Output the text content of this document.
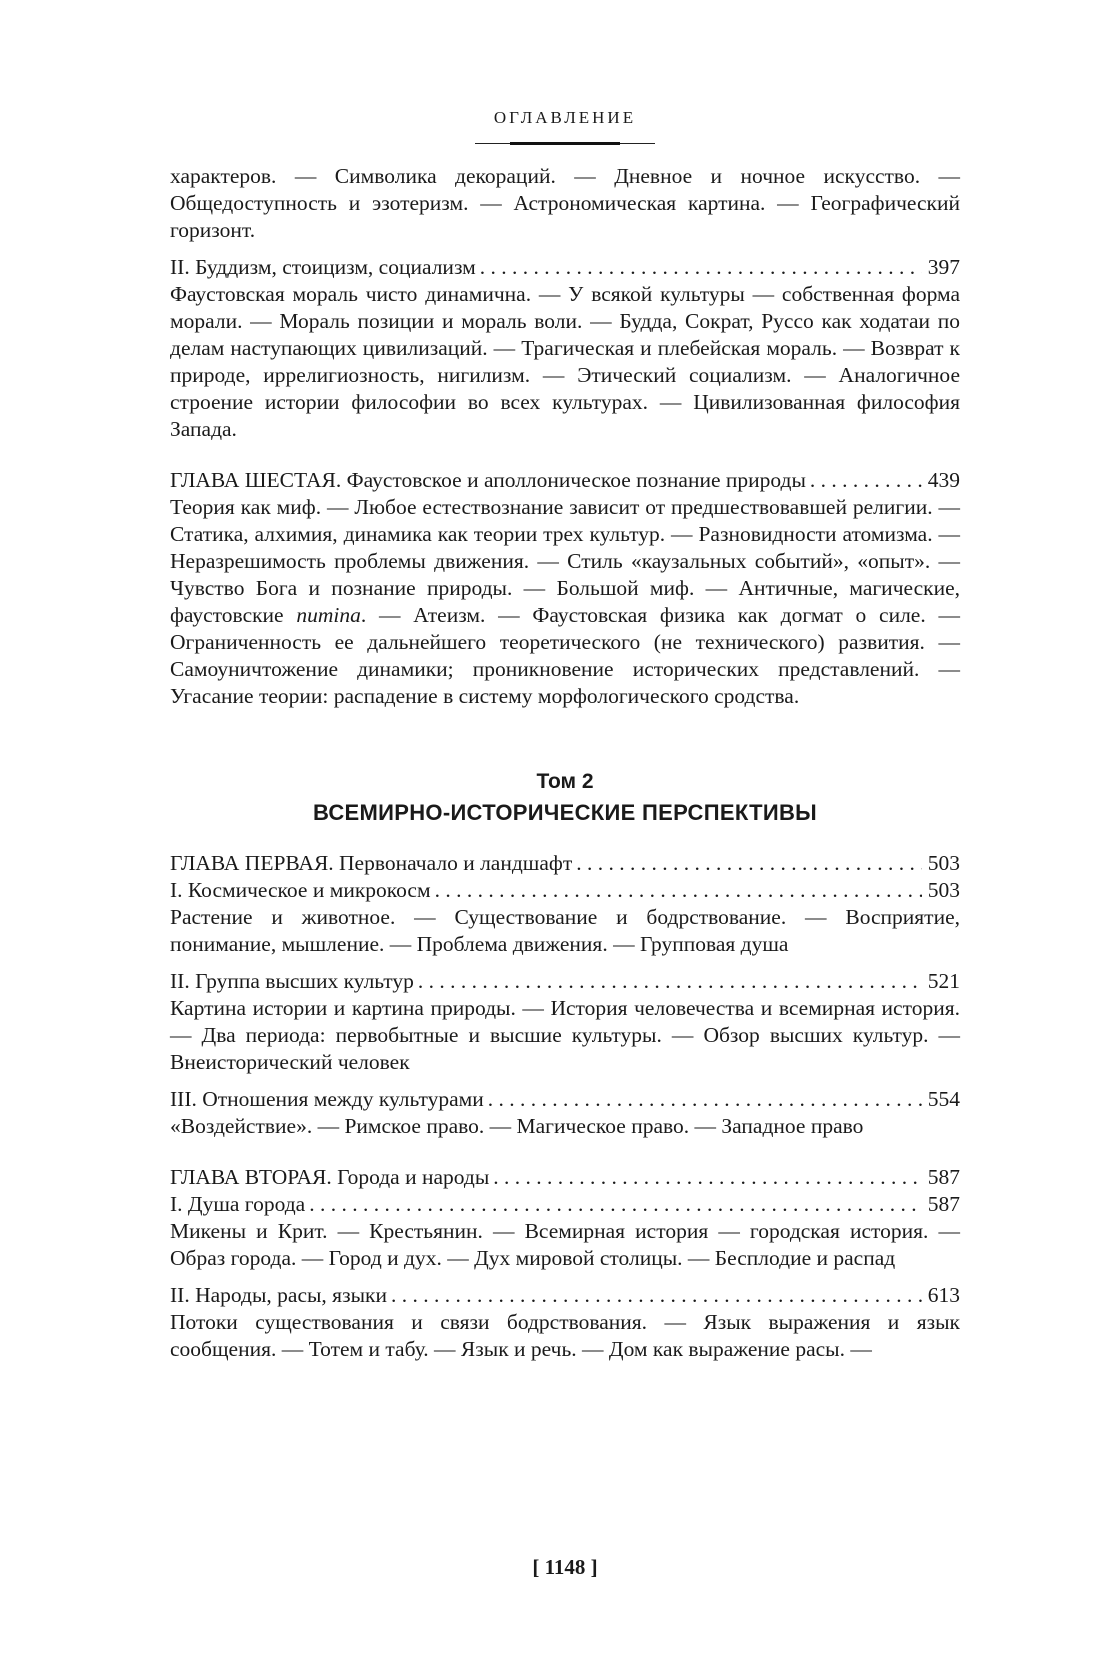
ОГЛАВЛЕНИЕ

характеров. — Символика декораций. — Дневное и ночное искусство. — Общедоступность и эзотеризм. — Астрономическая картина. — Географический горизонт.

II. Буддизм, стоицизм, социализм . . .	397

Фаустовская мораль чисто динамична. — У всякой культуры — собственная форма морали. — Мораль позиции и мораль воли. — Будда, Сократ, Руссо как ходатаи по делам наступающих цивилизаций. — Трагическая и плебейская мораль. — Возврат к природе, иррелигиозность, нигилизм. — Этический социализм. — Аналогичное строение истории философии во всех культурах. — Цивилизованная философия Запада.

ГЛАВА ШЕСТАЯ. Фаустовское и аполлоническое познание природы . . .	439

Теория как миф. — Любое естествознание зависит от предшествовавшей религии. — Статика, алхимия, динамика как теории трех культур. — Разновидности атомизма. — Неразрешимость проблемы движения. — Стиль «каузальных событий», «опыт». — Чувство Бога и познание природы. — Большой миф. — Античные, магические, фаустовские numina. — Атеизм. — Фаустовская физика как догмат о силе. — Ограниченность ее дальнейшего теоретического (не технического) развития. — Самоуничтожение динамики; проникновение исторических представлений. — Угасание теории: распадение в систему морфологического сродства.

Том 2

ВСЕМИРНО-ИСТОРИЧЕСКИЕ ПЕРСПЕКТИВЫ

ГЛАВА ПЕРВАЯ. Первоначало и ландшафт . . .	503
I. Космическое и микрокосм . . .	503

Растение и животное. — Существование и бодрствование. — Восприятие, понимание, мышление. — Проблема движения. — Групповая душа

II. Группа высших культур . . .	521

Картина истории и картина природы. — История человечества и всемирная история. — Два периода: первобытные и высшие культуры. — Обзор высших культур. — Внеисторический человек

III. Отношения между культурами . . .	554

«Воздействие». — Римское право. — Магическое право. — Западное право

ГЛАВА ВТОРАЯ. Города и народы . . .	587
I. Душа города . . .	587

Микены и Крит. — Крестьянин. — Всемирная история — городская история. — Образ города. — Город и дух. — Дух мировой столицы. — Бесплодие и распад

II. Народы, расы, языки . . .	613

Потоки существования и связи бодрствования. — Язык выражения и язык сообщения. — Тотем и табу. — Язык и речь. — Дом как выражение расы. —

[ 1148 ]
